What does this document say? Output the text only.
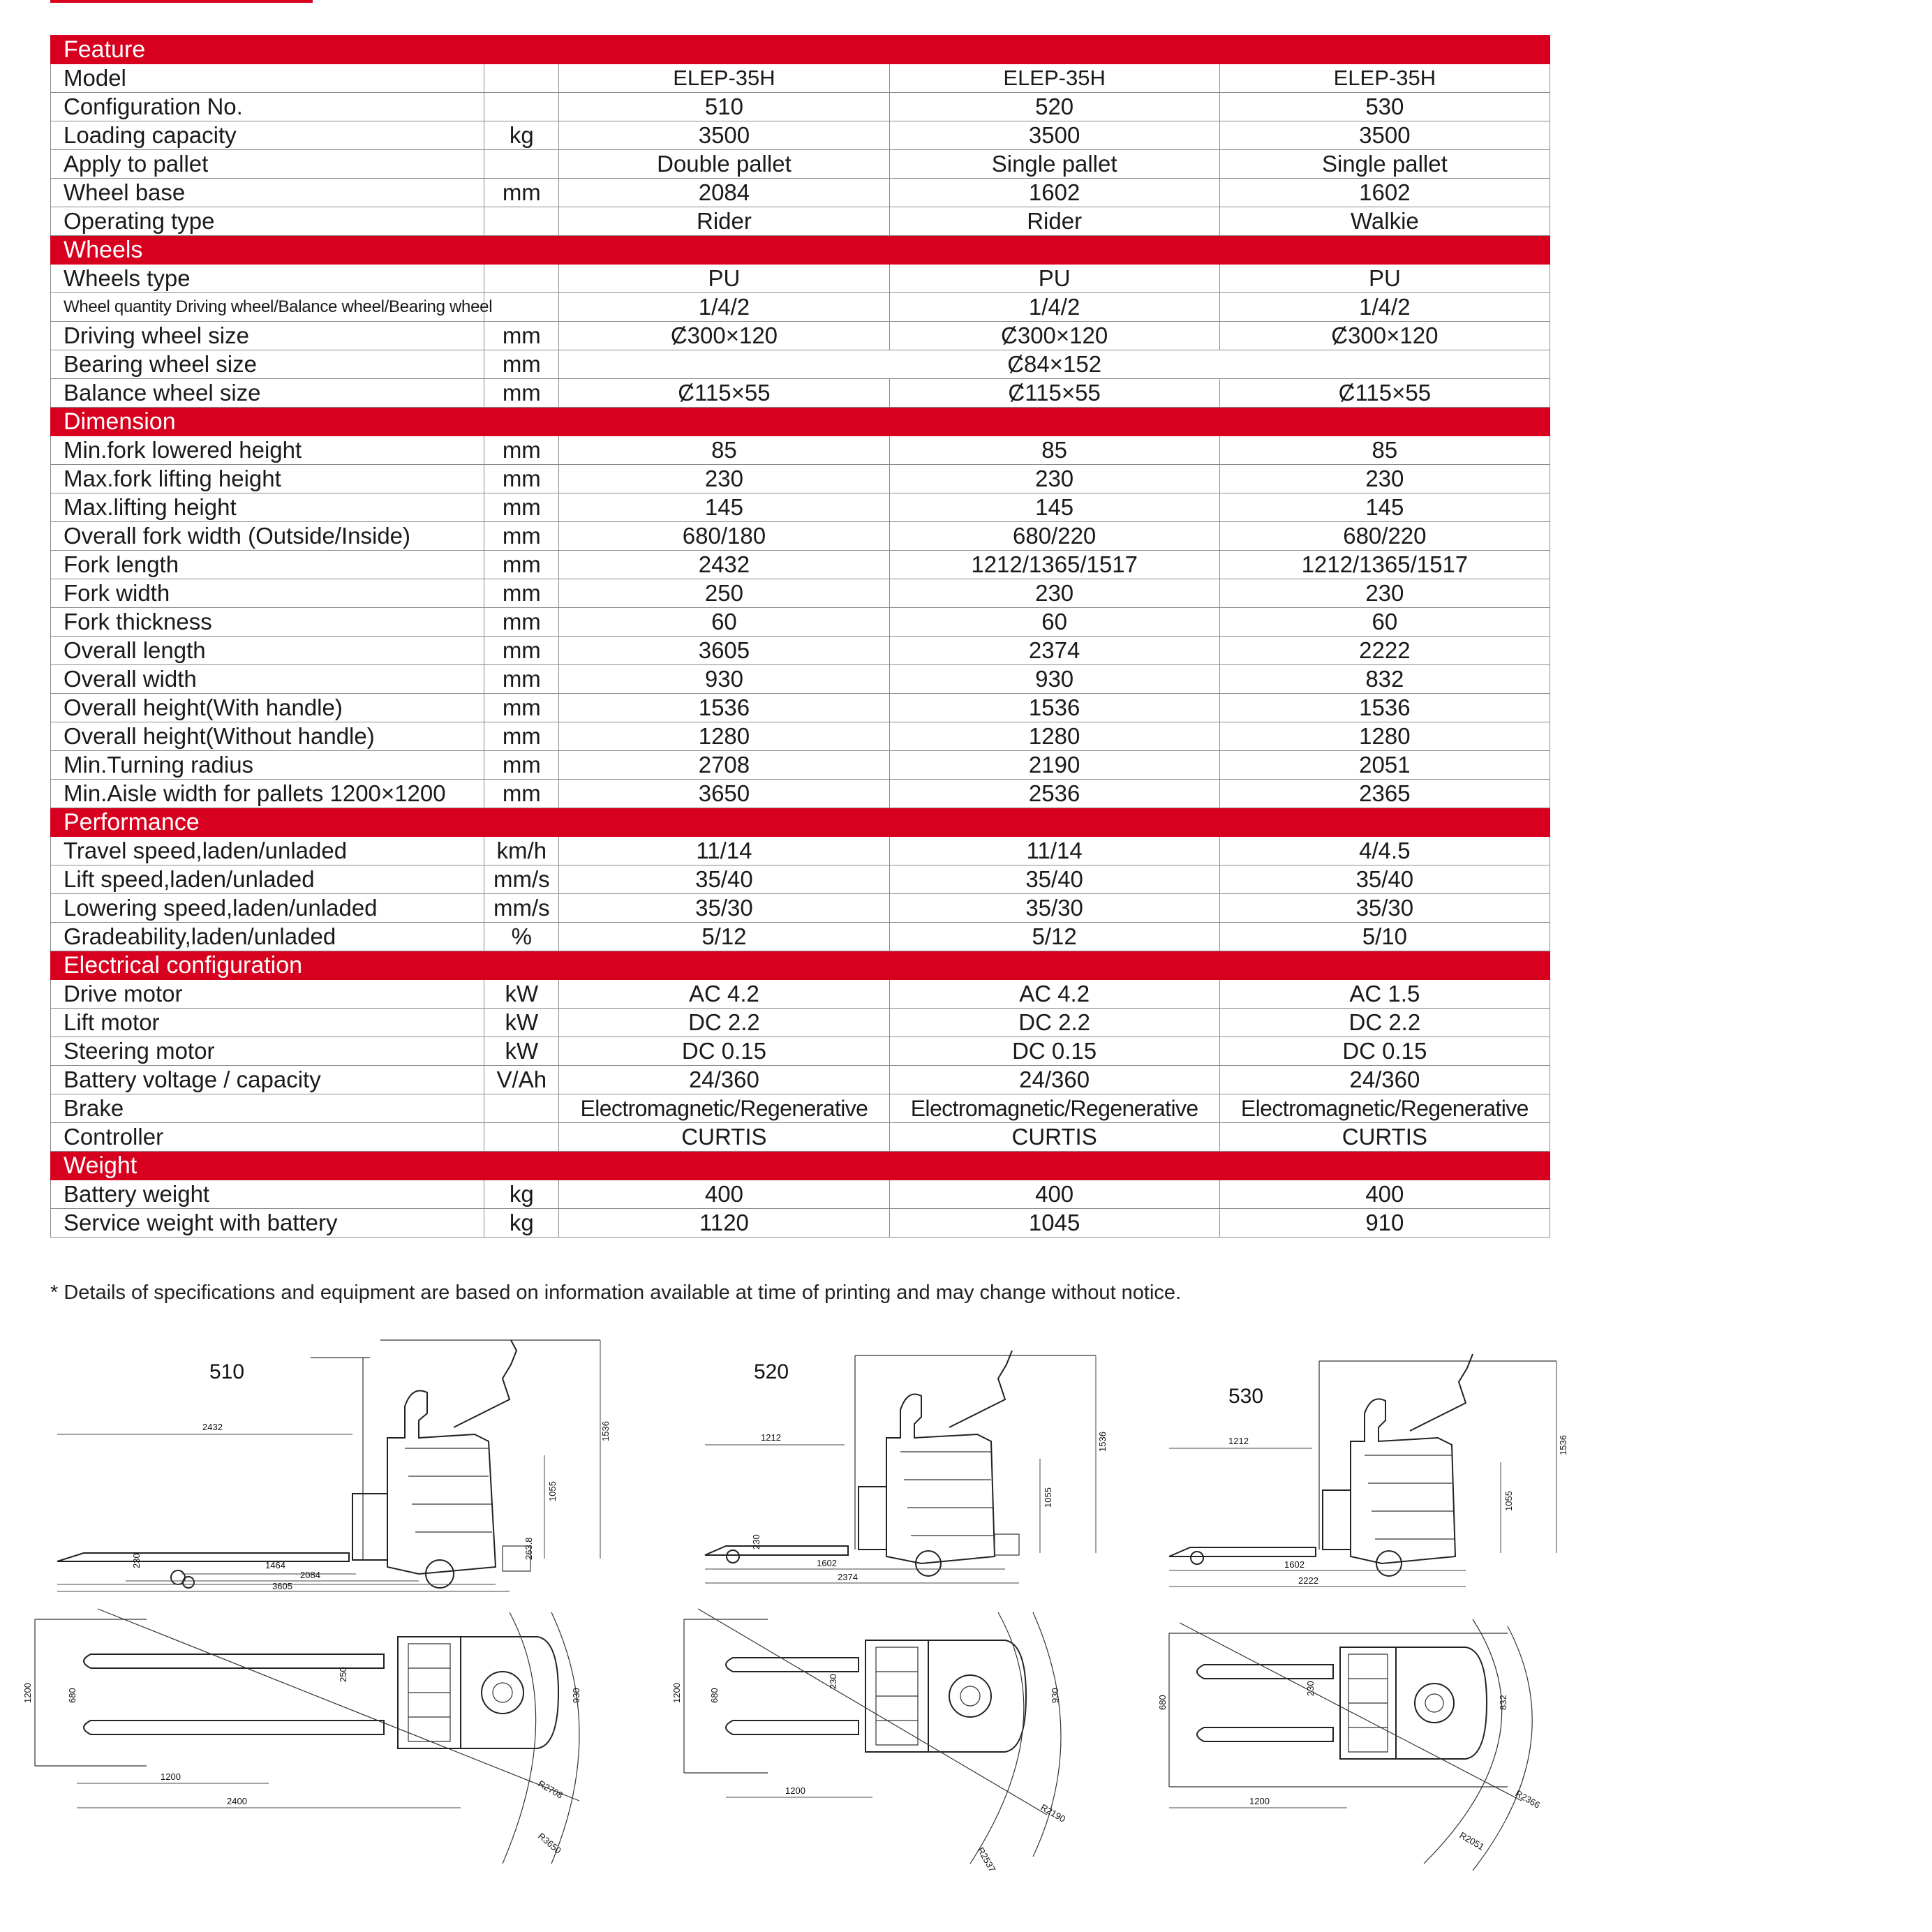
Feature				
Model		ELEP-35H	ELEP-35H	ELEP-35H
Configuration No.		510	520	530
Loading capacity	kg	3500	3500	3500
Apply to pallet		Double pallet	Single pallet	Single pallet
Wheel base	mm	2084	1602	1602
Operating type		Rider	Rider	Walkie
Wheels				
Wheels type		PU	PU	PU
Wheel quantity Driving wheel/Balance wheel/Bearing wheel		1/4/2	1/4/2	1/4/2
Driving wheel size	mm	Ȼ300×120	Ȼ300×120	Ȼ300×120
Bearing wheel size	mm	Ȼ84×152		
Balance wheel size	mm	Ȼ115×55	Ȼ115×55	Ȼ115×55
Dimension				
Min.fork lowered height	mm	85	85	85
Max.fork lifting height	mm	230	230	230
Max.lifting height	mm	145	145	145
Overall fork width (Outside/Inside)	mm	680/180	680/220	680/220
Fork length	mm	2432	1212/1365/1517	1212/1365/1517
Fork width	mm	250	230	230
Fork thickness	mm	60	60	60
Overall length	mm	3605	2374	2222
Overall width	mm	930	930	832
Overall height(With handle)	mm	1536	1536	1536
Overall height(Without handle)	mm	1280	1280	1280
Min.Turning radius	mm	2708	2190	2051
Min.Aisle width for pallets 1200×1200	mm	3650	2536	2365
Performance				
Travel speed,laden/unladed	km/h	11/14	11/14	4/4.5
Lift speed,laden/unladed	mm/s	35/40	35/40	35/40
Lowering speed,laden/unladed	mm/s	35/30	35/30	35/30
Gradeability,laden/unladed	%	5/12	5/12	5/10
Electrical configuration				
Drive motor	kW	AC 4.2	AC 4.2	AC 1.5
Lift motor	kW	DC 2.2	DC 2.2	DC 2.2
Steering motor	kW	DC 0.15	DC 0.15	DC 0.15
Battery voltage / capacity	V/Ah	24/360	24/360	24/360
Brake		Electromagnetic/Regenerative	Electromagnetic/Regenerative	Electromagnetic/Regenerative
Controller		CURTIS	CURTIS	CURTIS
Weight				
Battery weight	kg	400	400	400
Service weight with battery	kg	1120	1045	910
* Details of specifications and equipment are based on information available at time of printing and may change without notice.
510
2432
1464
2084
3605
230
1055
1536
263.8
1200	680
250
930
1200
2400
R2708
R3650
520
1212
230
1602
2374
1055
1536
1200	680
230
930
1200
R2190
R2537
530
1212
1602
2222
1055
1536
680
230
832
1200
R2051
R2366
